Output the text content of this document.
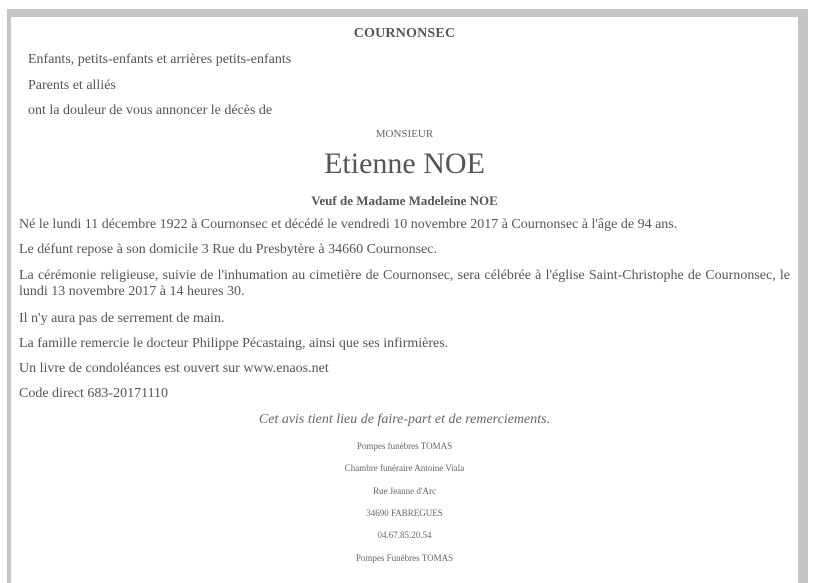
COURNONSEC

Enfants, petits-enfants et arrières petits-enfants

Parents et alliés

ont la douleur de vous annoncer le décès de

MONSIEUR

Etienne NOE

Veuf de Madame Madeleine NOE

Né le lundi 11 décembre 1922 à Cournonsec et décédé le vendredi 10 novembre 2017 à Cournonsec à l'âge de 94 ans.

Le défunt repose à son domicile 3 Rue du Presbytère à 34660 Cournonsec.

La cérémonie religieuse, suivie de l'inhumation au cimetière de Cournonsec, sera célébrée à l'église Saint-Christophe de Cournonsec, le lundi 13 novembre 2017 à 14 heures 30.

Il n'y aura pas de serrement de main.

La famille remercie le docteur Philippe Pécastaing, ainsi que ses infirmières.

Un livre de condoléances est ouvert sur www.enaos.net

Code direct 683-20171110

Cet avis tient lieu de faire-part et de remerciements.

Pompes funèbres TOMAS

Chambre funéraire Antoine Viala

Rue Jeanne d'Arc

34690 FABREGUES

04.67.85.20.54

Pompes Funèbres TOMAS
